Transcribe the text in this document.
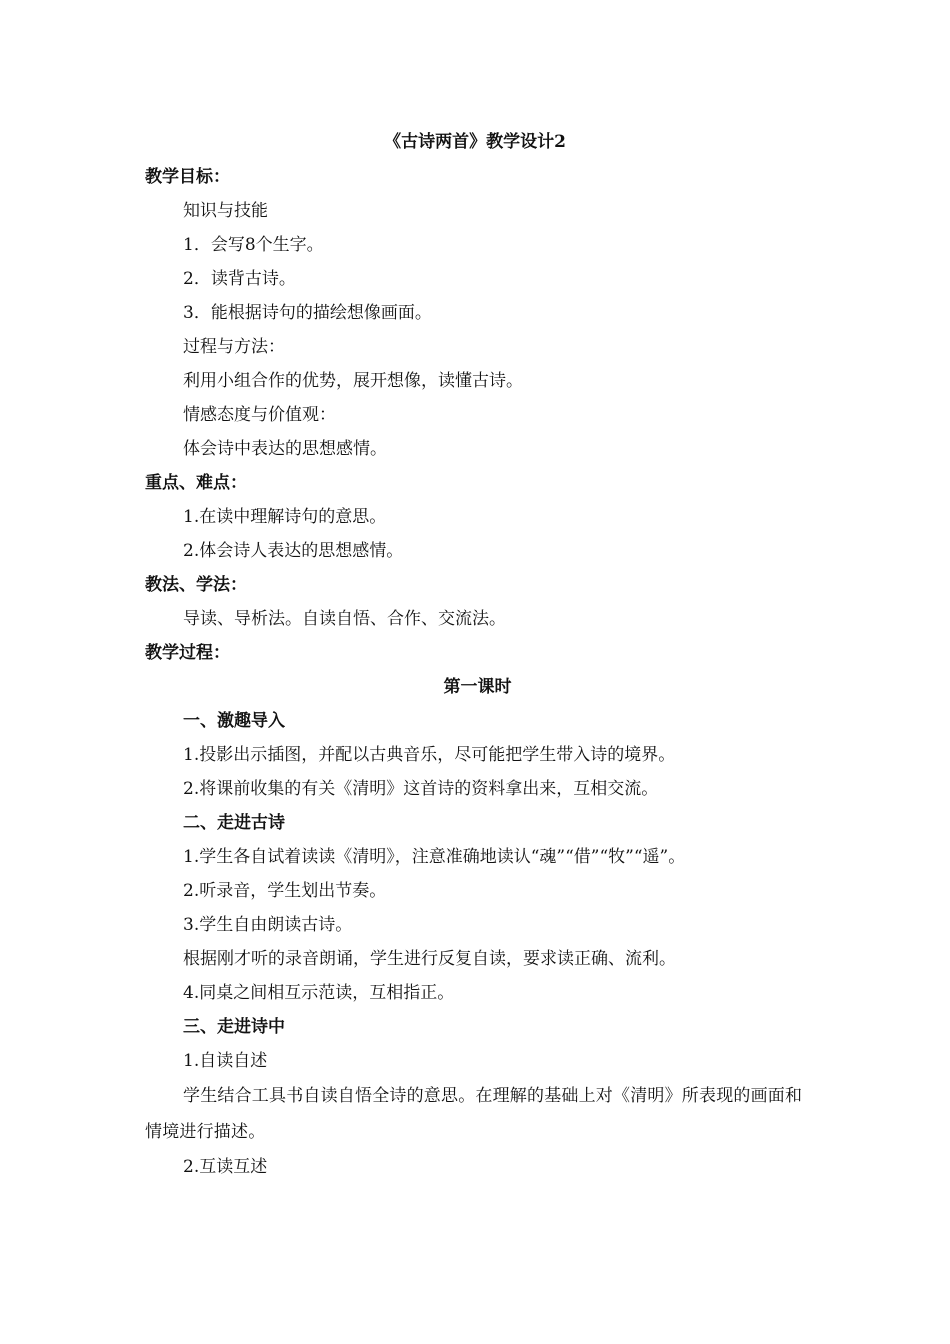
《古诗两首》教学设计2
教学目标：
知识与技能
1．会写8个生字。
2．读背古诗。
3．能根据诗句的描绘想像画面。
过程与方法：
利用小组合作的优势，展开想像，读懂古诗。
情感态度与价值观：
体会诗中表达的思想感情。
重点、难点：
1.在读中理解诗句的意思。
2.体会诗人表达的思想感情。
教法、学法：
导读、导析法。自读自悟、合作、交流法。
教学过程：
第一课时
一、激趣导入
1.投影出示插图，并配以古典音乐，尽可能把学生带入诗的境界。
2.将课前收集的有关《清明》这首诗的资料拿出来，互相交流。
二、走进古诗
1.学生各自试着读读《清明》，注意准确地读认“魂”“借”“牧”“遥”。
2.听录音，学生划出节奏。
3.学生自由朗读古诗。
根据刚才听的录音朗诵，学生进行反复自读，要求读正确、流利。
4.同桌之间相互示范读，互相指正。
三、走进诗中
1.自读自述
学生结合工具书自读自悟全诗的意思。在理解的基础上对《清明》所表现的画面和情境进行描述。
2.互读互述
